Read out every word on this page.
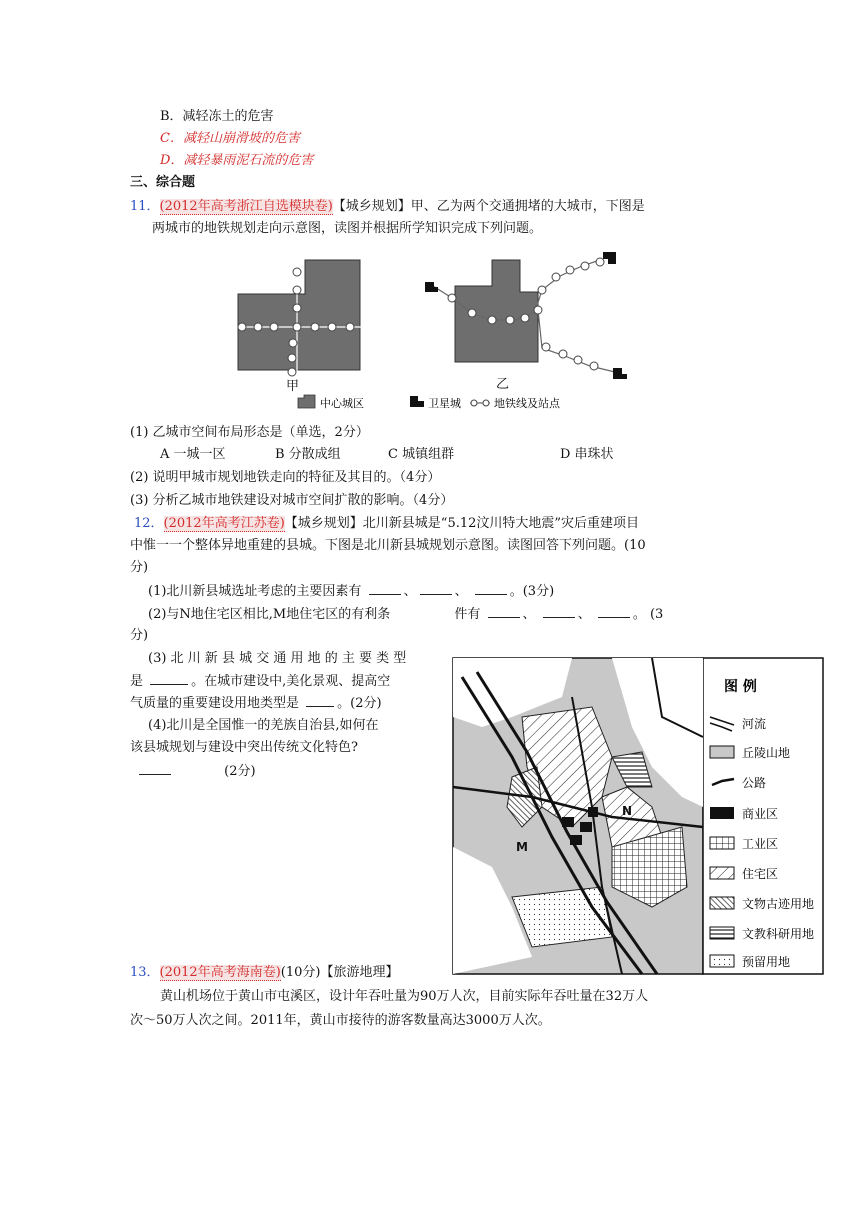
B．减轻冻土的危害
C．减轻山崩滑坡的危害
D．减轻暴雨泥石流的危害
三、综合题
11．(2012年高考浙江自选模块卷)【城乡规划】甲、乙为两个交通拥堵的大城市，下图是
两城市的地铁规划走向示意图，读图并根据所学知识完成下列问题。
甲	乙
中心城区	卫星城	地铁线及站点
(1) 乙城市空间布局形态是（单选，2分）
A 一城一区	B 分散成组	C 城镇组群	D 串珠状
(2) 说明甲城市规划地铁走向的特征及其目的。（4分）
(3) 分析乙城市地铁建设对城市空间扩散的影响。（4分）
12．(2012年高考江苏卷)【城乡规划】北川新县城是“5.12汶川特大地震”灾后重建项目
中惟一一个整体异地重建的县城。下图是北川新县城规划示意图。读图回答下列问题。(10
分)
(1)北川新县城选址考虑的主要因素有	、	、	。(3分)
(2)与N地住宅区相比,M地住宅区的有利条	件有	、	、	。 (3
分)
(3) 北 川 新 县 城 交 通 用 地 的 主 要 类 型
是	。在城市建设中,美化景观、提高空
气质量的重要建设用地类型是	。(2分)
(4)北川是全国惟一的羌族自治县,如何在
该县城规划与建设中突出传统文化特色?
(2分)
N
M
图 例
河流
丘陵山地
公路
商业区
工业区
住宅区
文物古迹用地
文教科研用地
预留用地
13．(2012年高考海南卷)(10分)【旅游地理】
黄山机场位于黄山市屯溪区，设计年吞吐量为90万人次，目前实际年吞吐量在32万人
次～50万人次之间。2011年，黄山市接待的游客数量高达3000万人次。
